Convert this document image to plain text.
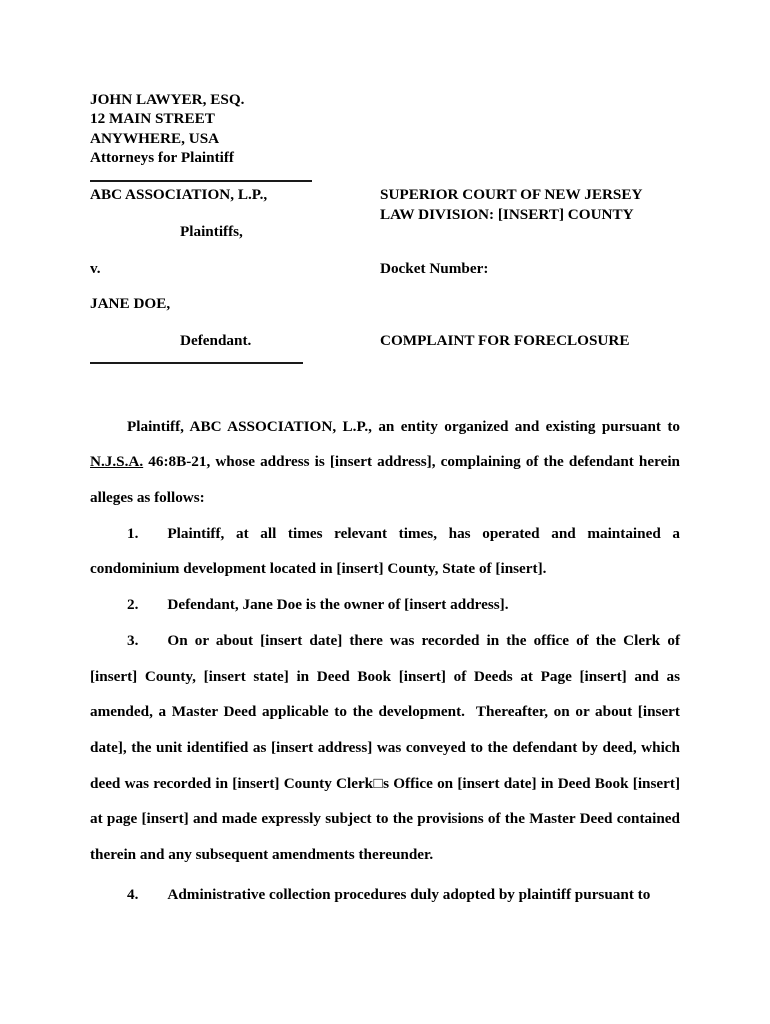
JOHN LAWYER, ESQ.
12 MAIN STREET
ANYWHERE, USA
Attorneys for Plaintiff
ABC ASSOCIATION, L.P.,
Plaintiffs,
v.
JANE DOE,
Defendant.
SUPERIOR COURT OF NEW JERSEY
LAW DIVISION: [INSERT] COUNTY
Docket Number:
COMPLAINT FOR FORECLOSURE

Plaintiff, ABC ASSOCIATION, L.P., an entity organized and existing pursuant to N.J.S.A. 46:8B-21, whose address is [insert address], complaining of the defendant herein alleges as follows:

1. Plaintiff, at all times relevant times, has operated and maintained a condominium development located in [insert] County, State of [insert].

2. Defendant, Jane Doe is the owner of [insert address].

3. On or about [insert date] there was recorded in the office of the Clerk of [insert] County, [insert state] in Deed Book [insert] of Deeds at Page [insert] and as amended, a Master Deed applicable to the development.  Thereafter, on or about [insert date], the unit identified as [insert address] was conveyed to the defendant by deed, which deed was recorded in [insert] County Clerk□s Office on [insert date] in Deed Book [insert] at page [insert] and made expressly subject to the provisions of the Master Deed contained therein and any subsequent amendments thereunder.

4. Administrative collection procedures duly adopted by plaintiff pursuant to
